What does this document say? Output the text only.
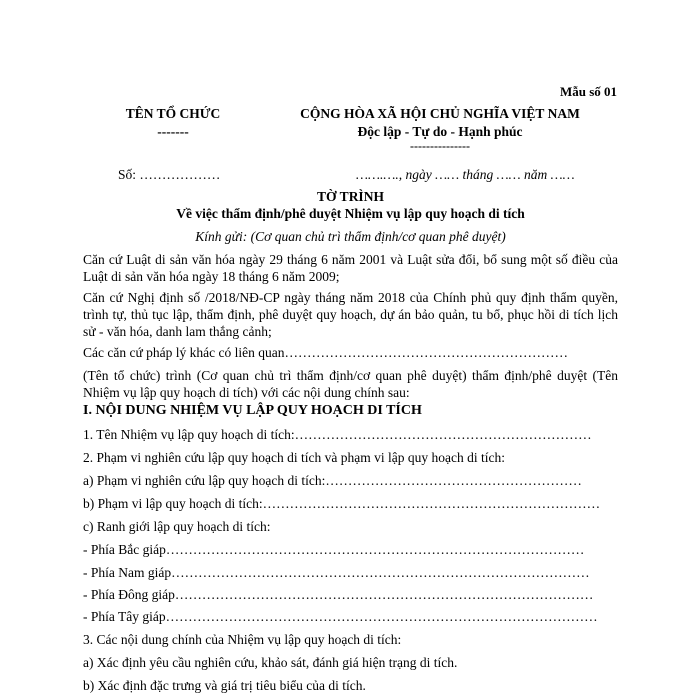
Mẫu số 01
TÊN TỔ CHỨC
-------
CỘNG HÒA XÃ HỘI CHỦ NGHĨA VIỆT NAM
Độc lập - Tự do - Hạnh phúc
---------------
Số: ………………	…….…., ngày …… tháng …… năm ……
TỜ TRÌNH
Về việc thẩm định/phê duyệt Nhiệm vụ lập quy hoạch di tích
Kính gửi: (Cơ quan chủ trì thẩm định/cơ quan phê duyệt)
Căn cứ Luật di sản văn hóa ngày 29 tháng 6 năm 2001 và Luật sửa đổi, bổ sung một số điều của Luật di sản văn hóa ngày 18 tháng 6 năm 2009;
Căn cứ Nghị định số /2018/NĐ-CP ngày tháng năm 2018 của Chính phủ quy định thẩm quyền, trình tự, thủ tục lập, thẩm định, phê duyệt quy hoạch, dự án bảo quản, tu bổ, phục hồi di tích lịch sử - văn hóa, danh lam thắng cảnh;
Các căn cứ pháp lý khác có liên quan………………………………………………………
(Tên tổ chức) trình (Cơ quan chủ trì thẩm định/cơ quan phê duyệt) thẩm định/phê duyệt (Tên Nhiệm vụ lập quy hoạch di tích) với các nội dung chính sau:
I. NỘI DUNG NHIỆM VỤ LẬP QUY HOẠCH DI TÍCH
1. Tên Nhiệm vụ lập quy hoạch di tích:…………………………………………………………
2. Phạm vi nghiên cứu lập quy hoạch di tích và phạm vi lập quy hoạch di tích:
a) Phạm vi nghiên cứu lập quy hoạch di tích:…………………………………………………
b) Phạm vi lập quy hoạch di tích:…………………………………………………………………
c) Ranh giới lập quy hoạch di tích:
- Phía Bắc giáp…………………………………………………………………………………
- Phía Nam giáp…………………………………………………………………………………
- Phía Đông giáp…………………………………………………………………………………
- Phía Tây giáp……………………………………………………………………………………
3. Các nội dung chính của Nhiệm vụ lập quy hoạch di tích:
a) Xác định yêu cầu nghiên cứu, khảo sát, đánh giá hiện trạng di tích.
b) Xác định đặc trưng và giá trị tiêu biểu của di tích.
